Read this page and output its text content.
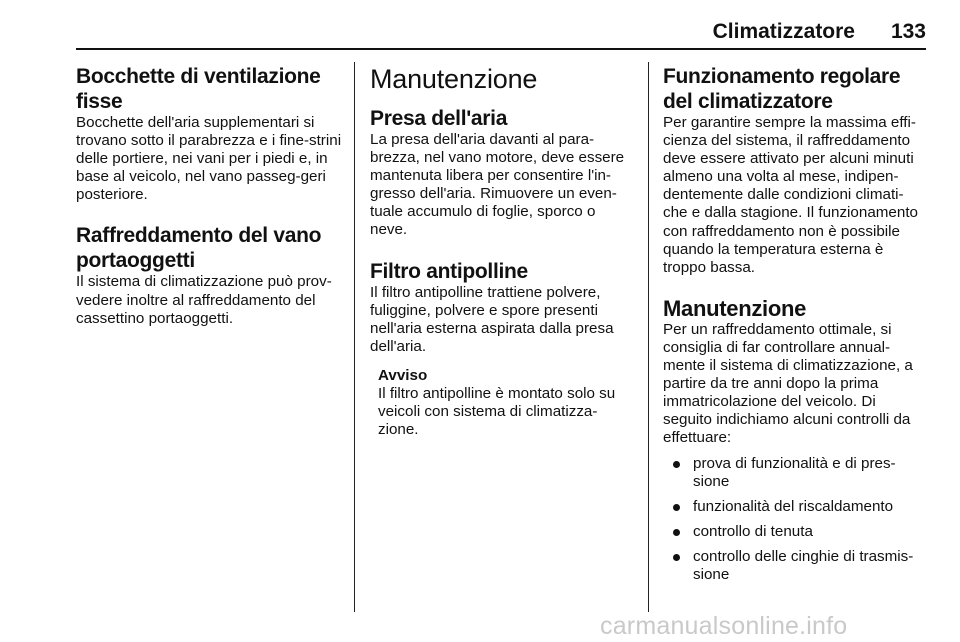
Climatizzatore 133
Bocchette di ventilazione fisse

Bocchette dell'aria supplementari si trovano sotto il parabrezza e i fine-strini delle portiere, nei vani per i piedi e, in base al veicolo, nel vano passeg-geri posteriore.

Raffreddamento del vano portaoggetti

Il sistema di climatizzazione può prov-vedere inoltre al raffreddamento del cassettino portaoggetti.

Manutenzione
Presa dell'aria

La presa dell'aria davanti al para-brezza, nel vano motore, deve essere mantenuta libera per consentire l'in-gresso dell'aria. Rimuovere un even-tuale accumulo di foglie, sporco o neve.

Filtro antipolline

Il filtro antipolline trattiene polvere, fuliggine, polvere e spore presenti nell'aria esterna aspirata dalla presa dell'aria.

Avviso

Il filtro antipolline è montato solo su veicoli con sistema di climatizza-zione.

Funzionamento regolare del climatizzatore

Per garantire sempre la massima effi-cienza del sistema, il raffreddamento deve essere attivato per alcuni minuti almeno una volta al mese, indipen-dentemente dalle condizioni climati-che e dalla stagione. Il funzionamento con raffreddamento non è possibile quando la temperatura esterna è troppo bassa.

Manutenzione

Per un raffreddamento ottimale, si consiglia di far controllare annual-mente il sistema di climatizzazione, a partire da tre anni dopo la prima immatricolazione del veicolo. Di seguito indichiamo alcuni controlli da effettuare:

prova di funzionalità e di pres-sione
funzionalità del riscaldamento
controllo di tenuta
controllo delle cinghie di trasmis-sione
carmanualsonline.info
